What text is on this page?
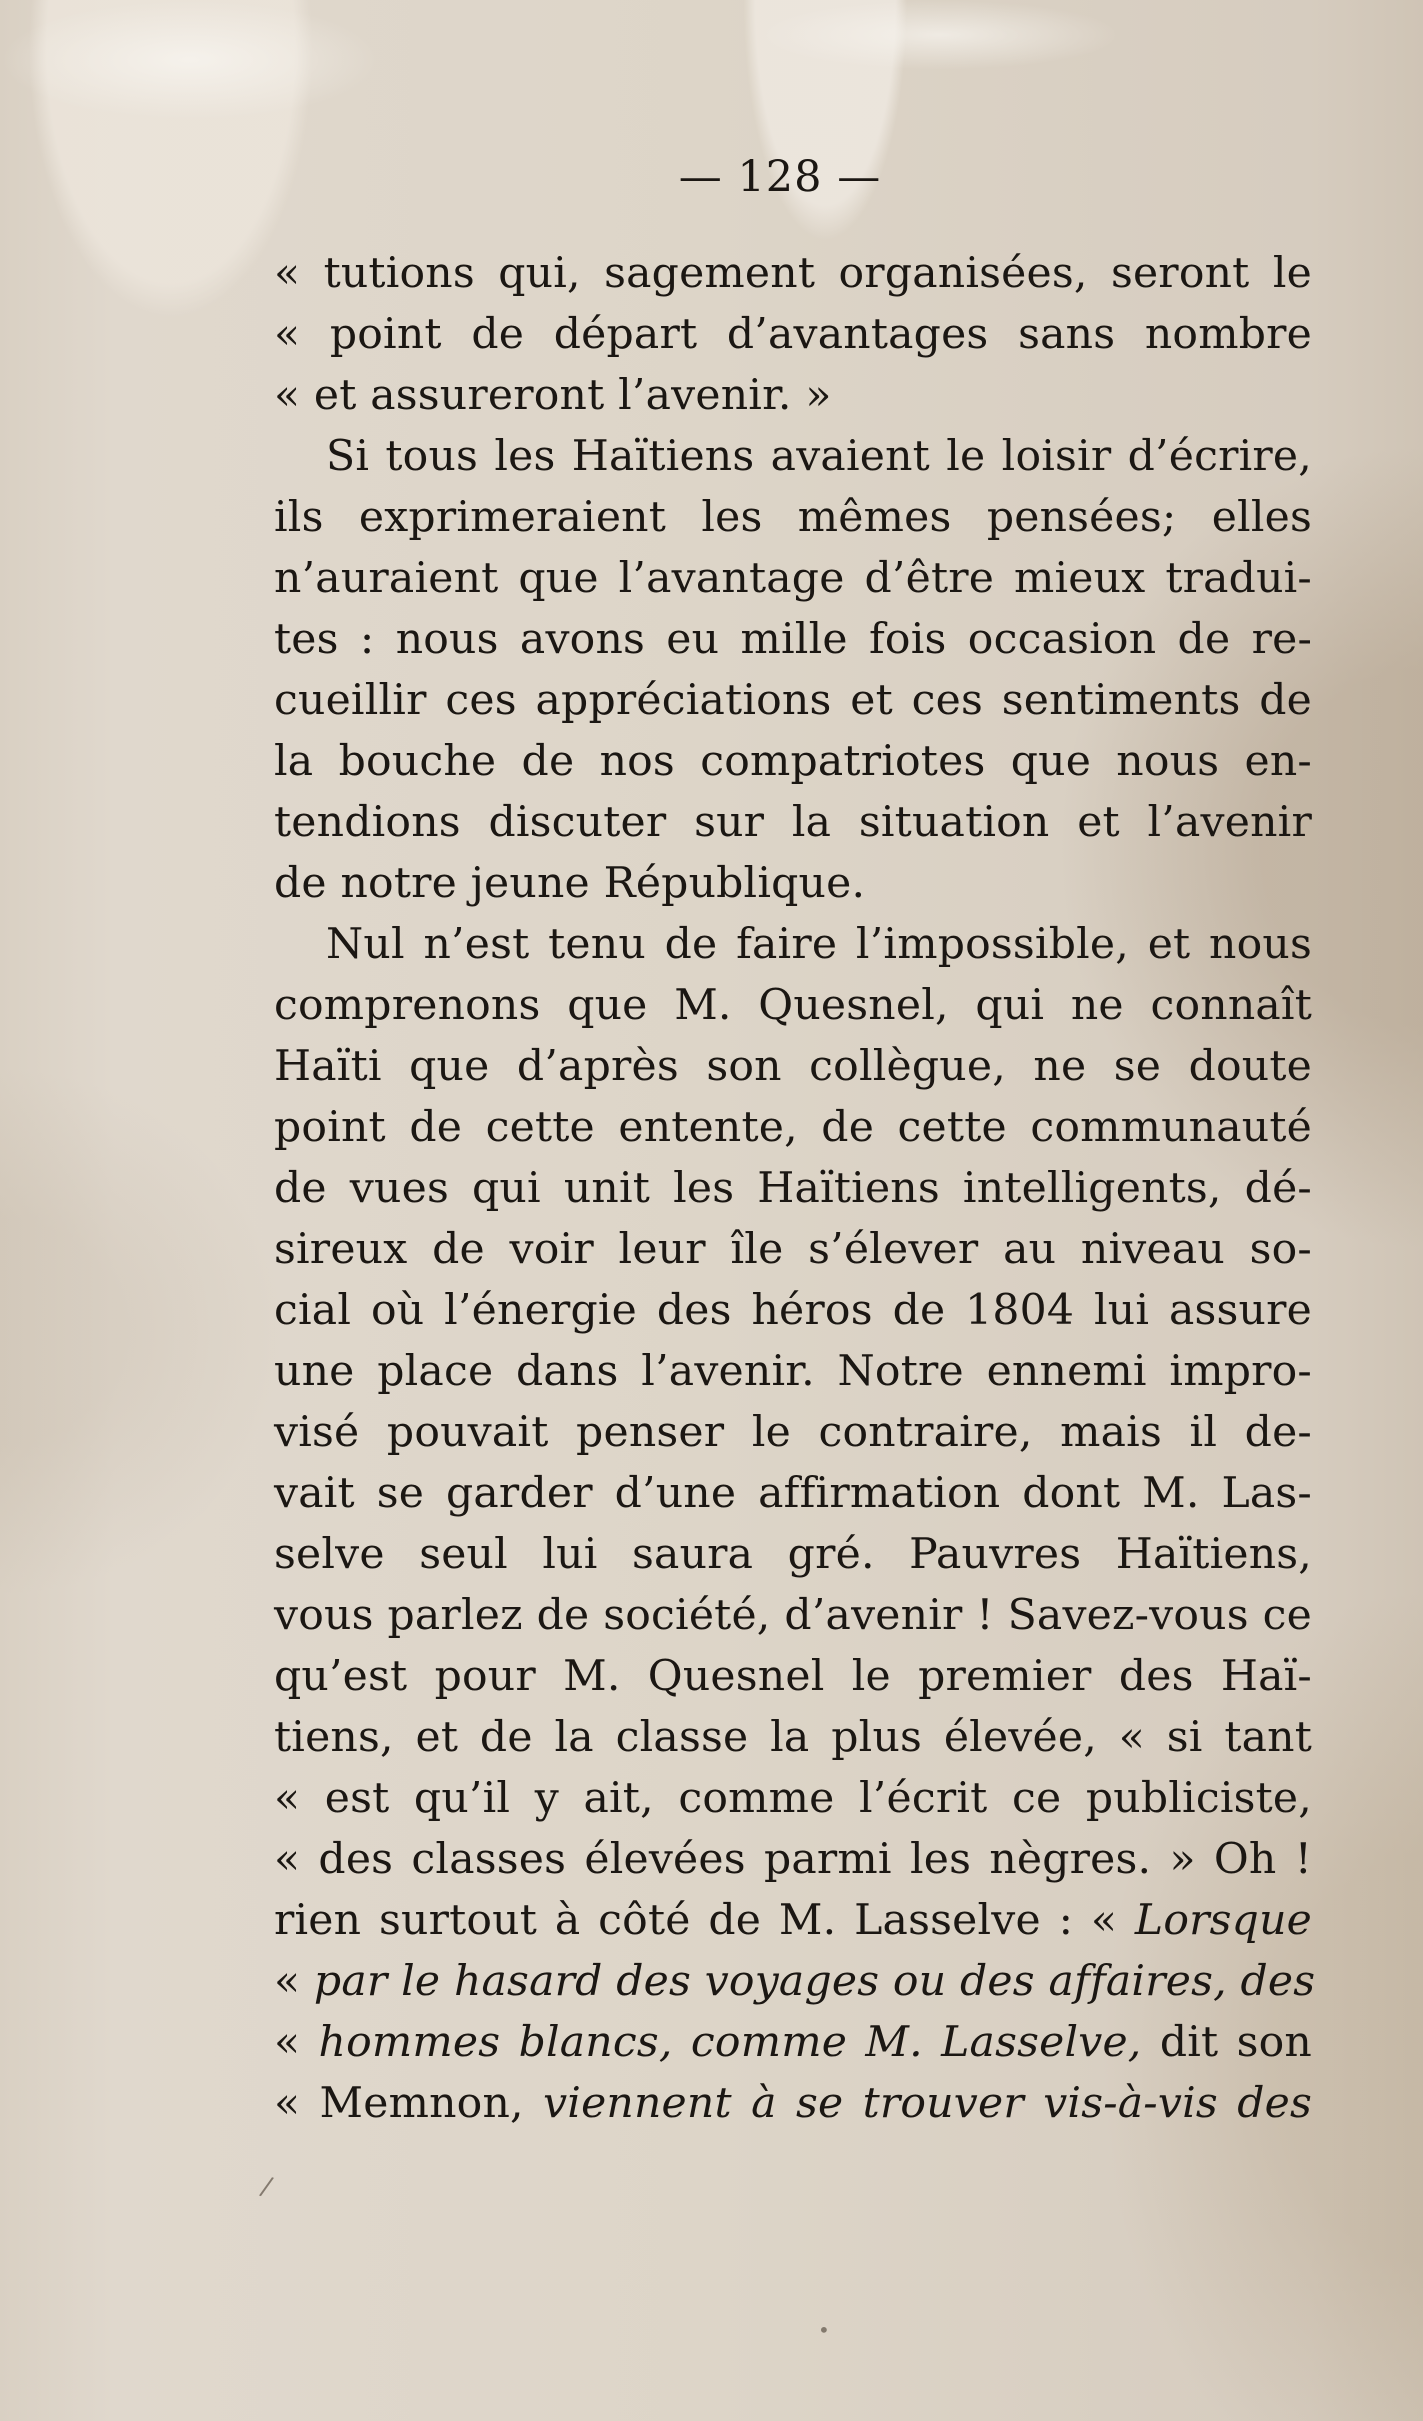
— 128 —
« tutions qui, sagement organisées, seront le
« point de départ d’avantages sans nombre
« et assureront l’avenir. »
Si tous les Haïtiens avaient le loisir d’écrire,
ils exprimeraient les mêmes pensées; elles
n’auraient que l’avantage d’être mieux tradui-
tes : nous avons eu mille fois occasion de re-
cueillir ces appréciations et ces sentiments de
la bouche de nos compatriotes que nous en-
tendions discuter sur la situation et l’avenir
de notre jeune République.
Nul n’est tenu de faire l’impossible, et nous
comprenons que M. Quesnel, qui ne connaît
Haïti que d’après son collègue, ne se doute
point de cette entente, de cette communauté
de vues qui unit les Haïtiens intelligents, dé-
sireux de voir leur île s’élever au niveau so-
cial où l’énergie des héros de 1804 lui assure
une place dans l’avenir. Notre ennemi impro-
visé pouvait penser le contraire, mais il de-
vait se garder d’une affirmation dont M. Las-
selve seul lui saura gré. Pauvres Haïtiens,
vous parlez de société, d’avenir ! Savez-vous ce
qu’est pour M. Quesnel le premier des Haï-
tiens, et de la classe la plus élevée, « si tant
« est qu’il y ait, comme l’écrit ce publiciste,
« des classes élevées parmi les nègres. » Oh !
rien surtout à côté de M. Lasselve : « Lorsque
« par le hasard des voyages ou des affaires, des
« hommes blancs, comme M. Lasselve, dit son
« Memnon, viennent à se trouver vis-à-vis des
/
•
